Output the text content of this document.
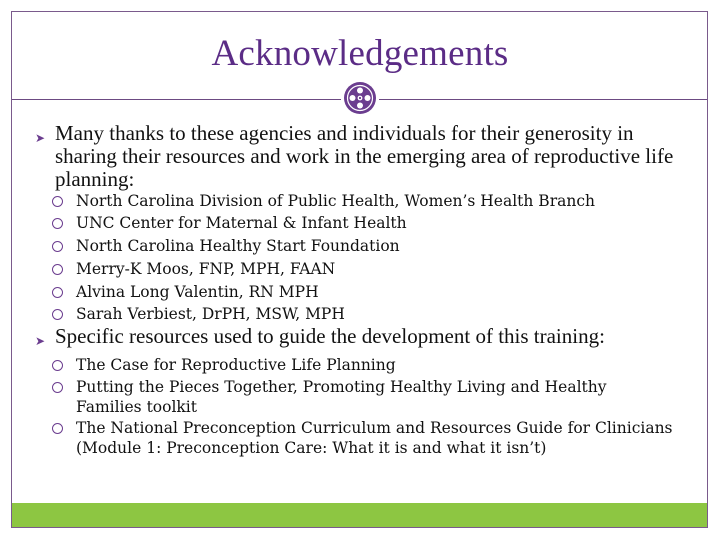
Acknowledgements
➤ Many thanks to these agencies and individuals for their generosity in sharing their resources and work in the emerging area of reproductive life planning:
North Carolina Division of Public Health, Women’s Health Branch
UNC Center for Maternal & Infant Health
North Carolina Healthy Start Foundation
Merry-K Moos, FNP, MPH, FAAN
Alvina Long Valentin, RN MPH
Sarah Verbiest, DrPH, MSW, MPH
➤ Specific resources used to guide the development of this training:
The Case for Reproductive Life Planning
Putting the Pieces Together, Promoting Healthy Living and Healthy Families toolkit
The National Preconception Curriculum and Resources Guide for Clinicians (Module 1: Preconception Care: What it is and what it isn’t)
